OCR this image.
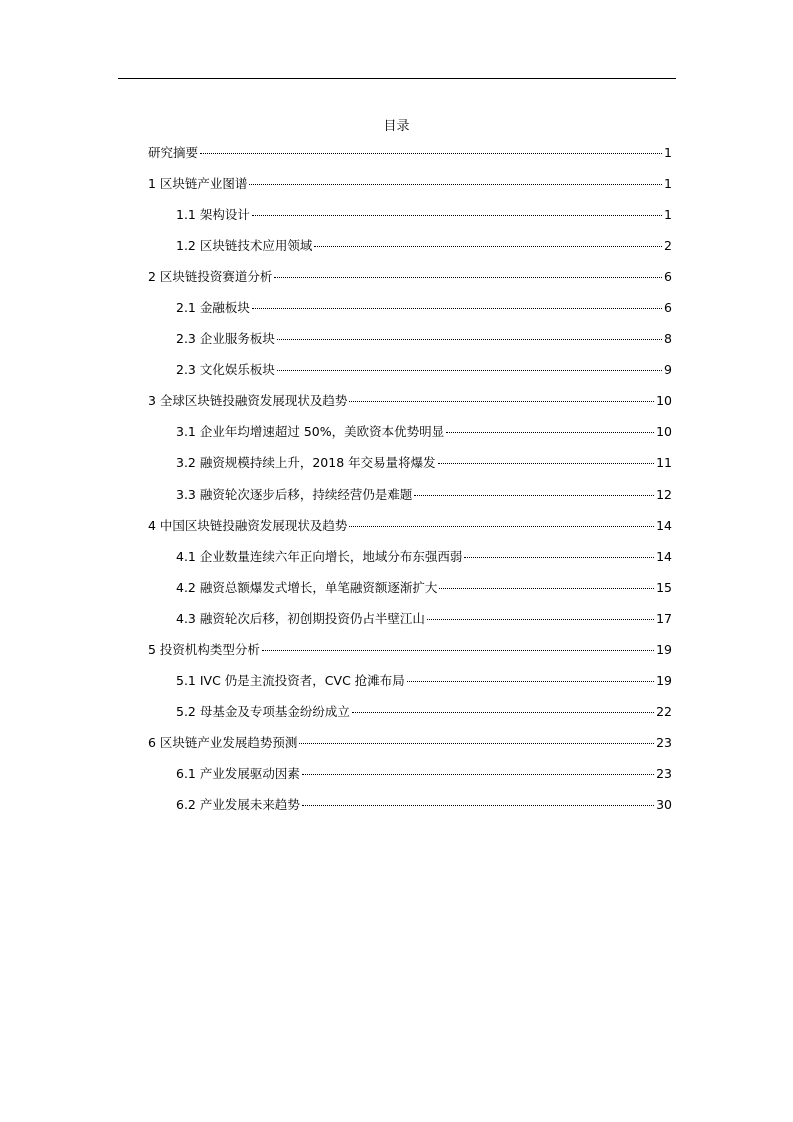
目录
研究摘要	1
1 区块链产业图谱	1
1.1 架构设计	1
1.2 区块链技术应用领域	2
2 区块链投资赛道分析	6
2.1 金融板块	6
2.3 企业服务板块	8
2.3 文化娱乐板块	9
3 全球区块链投融资发展现状及趋势	10
3.1 企业年均增速超过 50%，美欧资本优势明显	10
3.2 融资规模持续上升，2018 年交易量将爆发	11
3.3 融资轮次逐步后移，持续经营仍是难题	12
4 中国区块链投融资发展现状及趋势	14
4.1 企业数量连续六年正向增长，地域分布东强西弱	14
4.2 融资总额爆发式增长，单笔融资额逐渐扩大	15
4.3 融资轮次后移，初创期投资仍占半壁江山	17
5 投资机构类型分析	19
5.1 IVC 仍是主流投资者，CVC 抢滩布局	19
5.2 母基金及专项基金纷纷成立	22
6 区块链产业发展趋势预测	23
6.1 产业发展驱动因素	23
6.2 产业发展未来趋势	30
